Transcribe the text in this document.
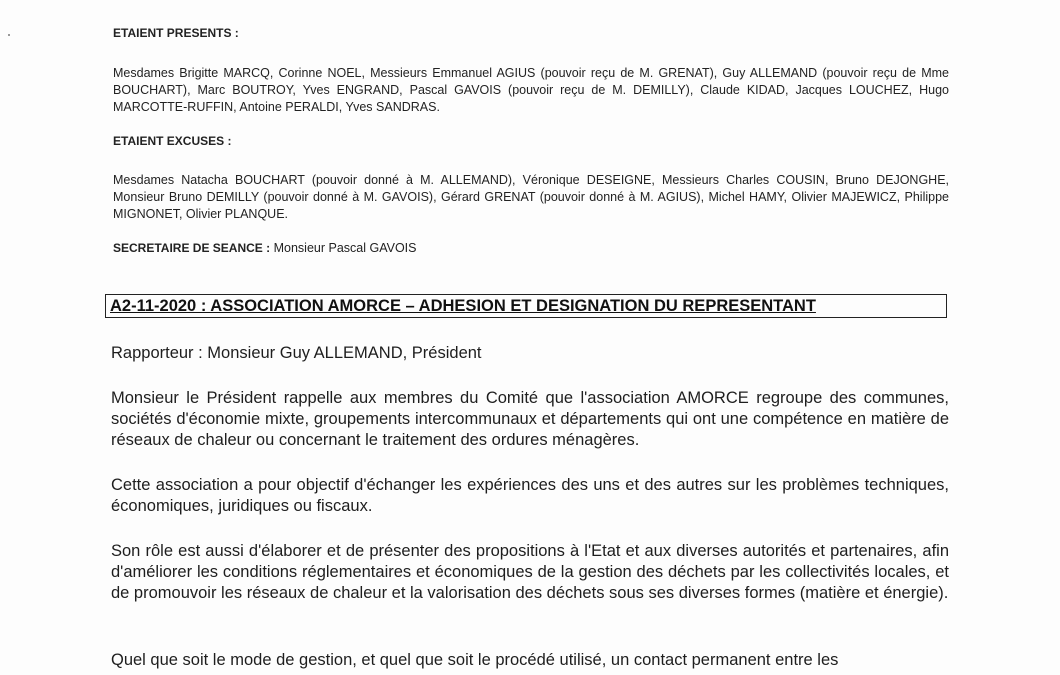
ETAIENT PRESENTS :
Mesdames Brigitte MARCQ, Corinne NOEL, Messieurs Emmanuel AGIUS (pouvoir reçu de M. GRENAT), Guy ALLEMAND (pouvoir reçu de Mme BOUCHART), Marc BOUTROY, Yves ENGRAND, Pascal GAVOIS (pouvoir reçu de M. DEMILLY), Claude KIDAD, Jacques LOUCHEZ, Hugo MARCOTTE-RUFFIN, Antoine PERALDI, Yves SANDRAS.
ETAIENT EXCUSES :
Mesdames Natacha BOUCHART (pouvoir donné à M. ALLEMAND), Véronique DESEIGNE, Messieurs Charles COUSIN, Bruno DEJONGHE, Monsieur Bruno DEMILLY (pouvoir donné à M. GAVOIS), Gérard GRENAT (pouvoir donné à M. AGIUS), Michel HAMY, Olivier MAJEWICZ, Philippe MIGNONET, Olivier PLANQUE.
SECRETAIRE DE SEANCE : Monsieur Pascal GAVOIS
A2-11-2020 : ASSOCIATION AMORCE – ADHESION ET DESIGNATION DU REPRESENTANT
Rapporteur : Monsieur Guy ALLEMAND, Président
Monsieur le Président rappelle aux membres du Comité que l'association AMORCE regroupe des communes, sociétés d'économie mixte, groupements intercommunaux et départements qui ont une compétence en matière de réseaux de chaleur ou concernant le traitement des ordures ménagères.
Cette association a pour objectif d'échanger les expériences des uns et des autres sur les problèmes techniques, économiques, juridiques ou fiscaux.
Son rôle est aussi d'élaborer et de présenter des propositions à l'Etat et aux diverses autorités et partenaires, afin d'améliorer les conditions réglementaires et économiques de la gestion des déchets par les collectivités locales, et de promouvoir les réseaux de chaleur et la valorisation des déchets sous ses diverses formes (matière et énergie).
Quel que soit le mode de gestion, et quel que soit le procédé utilisé, un contact permanent entre les
